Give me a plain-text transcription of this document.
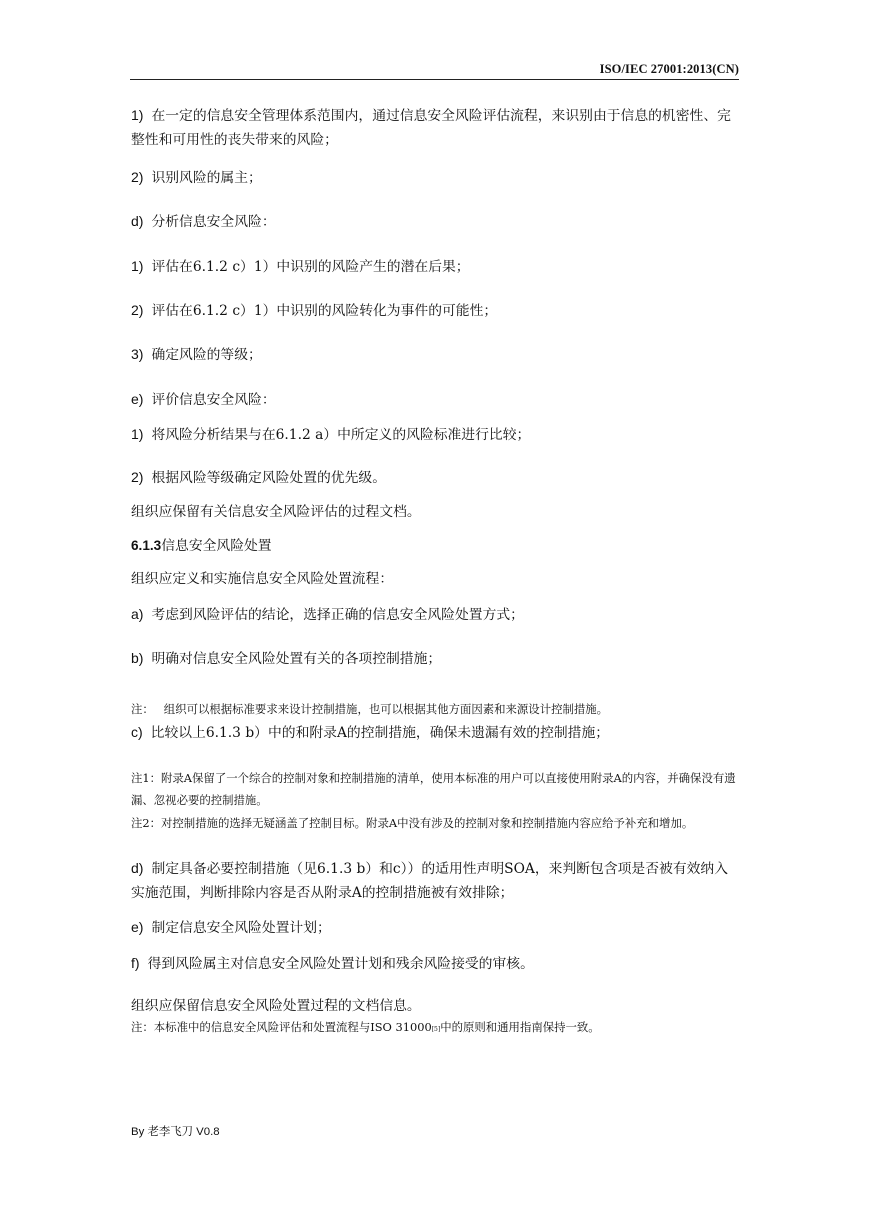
ISO/IEC 27001:2013(CN)
1) 在一定的信息安全管理体系范围内，通过信息安全风险评估流程，来识别由于信息的机密性、完整性和可用性的丧失带来的风险；
2) 识别风险的属主；
d) 分析信息安全风险：
1) 评估在6.1.2 c）1）中识别的风险产生的潜在后果；
2) 评估在6.1.2 c）1）中识别的风险转化为事件的可能性；
3) 确定风险的等级；
e) 评价信息安全风险：
1) 将风险分析结果与在6.1.2 a）中所定义的风险标准进行比较；
2) 根据风险等级确定风险处置的优先级。
组织应保留有关信息安全风险评估的过程文档。
6.1.3信息安全风险处置
组织应定义和实施信息安全风险处置流程：
a) 考虑到风险评估的结论，选择正确的信息安全风险处置方式；
b) 明确对信息安全风险处置有关的各项控制措施；
注： 组织可以根据标准要求来设计控制措施，也可以根据其他方面因素和来源设计控制措施。
c) 比较以上6.1.3 b）中的和附录A的控制措施，确保未遗漏有效的控制措施；
注1：附录A保留了一个综合的控制对象和控制措施的清单，使用本标准的用户可以直接使用附录A的内容，并确保没有遗漏、忽视必要的控制措施。
注2：对控制措施的选择无疑涵盖了控制目标。附录A中没有涉及的控制对象和控制措施内容应给予补充和增加。
d) 制定具备必要控制措施（见6.1.3 b）和c））的适用性声明SOA，来判断包含项是否被有效纳入实施范围，判断排除内容是否从附录A的控制措施被有效排除；
e) 制定信息安全风险处置计划；
f) 得到风险属主对信息安全风险处置计划和残余风险接受的审核。
组织应保留信息安全风险处置过程的文档信息。
注：本标准中的信息安全风险评估和处置流程与ISO 31000[5]中的原则和通用指南保持一致。
By 老李飞刀 V0.8
